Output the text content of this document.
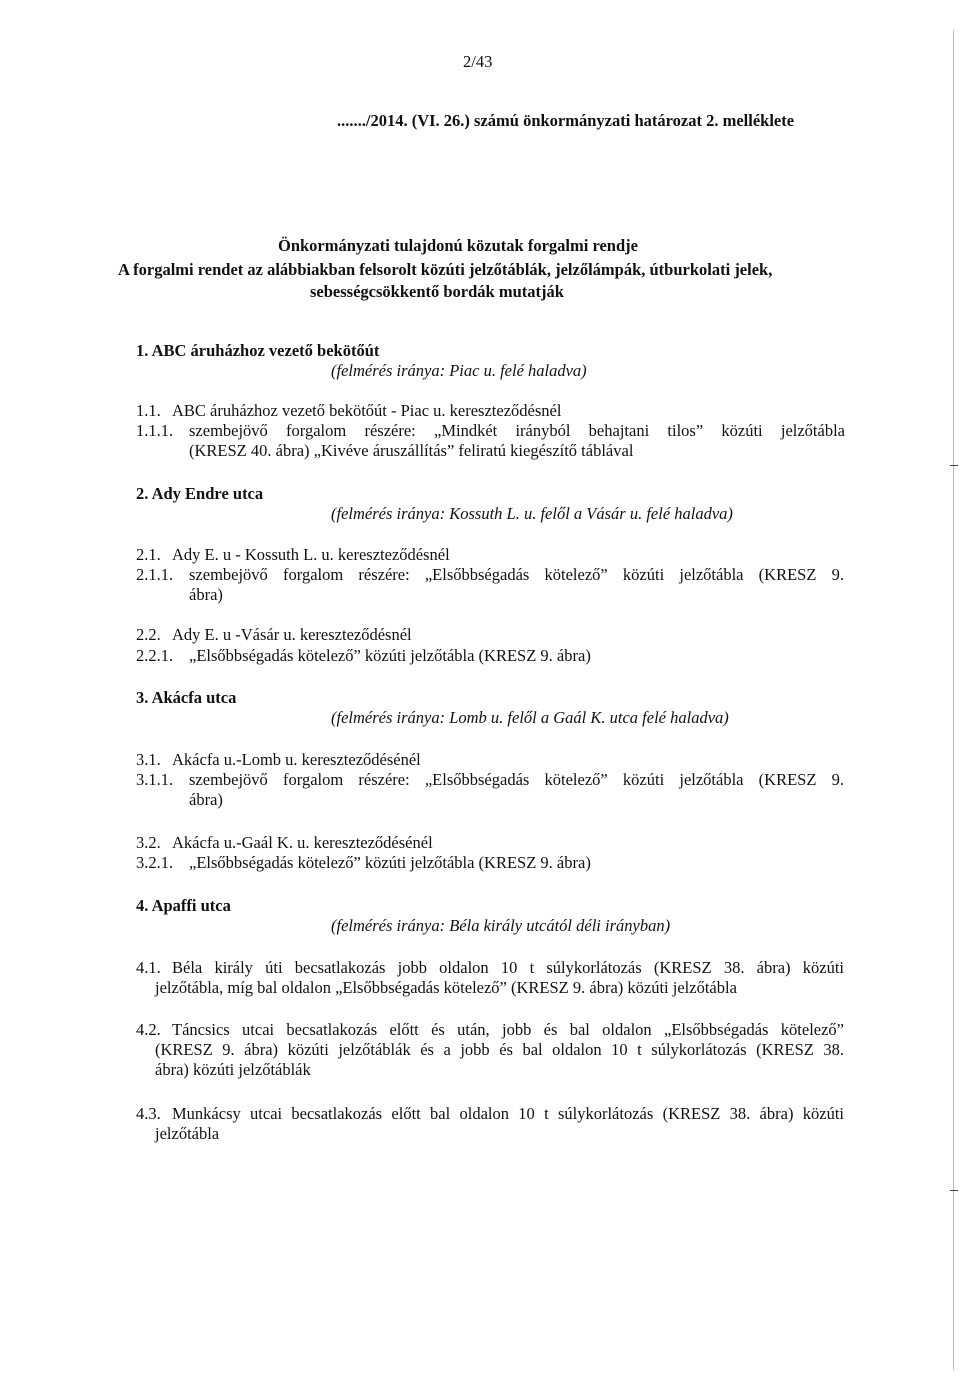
2/43
......./2014. (VI. 26.) számú önkormányzati határozat 2. melléklete
Önkormányzati tulajdonú közutak forgalmi rendje
A forgalmi rendet az alábbiakban felsorolt közúti jelzőtáblák, jelzőlámpák, útburkolati jelek,
sebességcsökkentő bordák mutatják
1. ABC áruházhoz vezető bekötőút
(felmérés iránya: Piac u. felé haladva)
1.1. ABC áruházhoz vezető bekötőút - Piac u. kereszteződésnél
1.1.1. szembejövő forgalom részére: „Mindkét irányból behajtani tilos” közúti jelzőtábla
(KRESZ 40. ábra) „Kivéve áruszállítás” feliratú kiegészítő táblával
2. Ady Endre utca
(felmérés iránya: Kossuth L. u. felől a Vásár u. felé haladva)
2.1. Ady E. u - Kossuth L. u. kereszteződésnél
2.1.1. szembejövő forgalom részére: „Elsőbbségadás kötelező” közúti jelzőtábla (KRESZ 9.
ábra)
2.2. Ady E. u -Vásár u. kereszteződésnél
2.2.1. „Elsőbbségadás kötelező” közúti jelzőtábla (KRESZ 9. ábra)
3. Akácfa utca
(felmérés iránya: Lomb u. felől a Gaál K. utca felé haladva)
3.1. Akácfa u.-Lomb u. kereszteződésénél
3.1.1. szembejövő forgalom részére: „Elsőbbségadás kötelező” közúti jelzőtábla (KRESZ 9.
ábra)
3.2. Akácfa u.-Gaál K. u. kereszteződésénél
3.2.1. „Elsőbbségadás kötelező” közúti jelzőtábla (KRESZ 9. ábra)
4. Apaffi utca
(felmérés iránya: Béla király utcától déli irányban)
4.1. Béla király úti becsatlakozás jobb oldalon 10 t súlykorlátozás (KRESZ 38. ábra) közúti
jelzőtábla, míg bal oldalon „Elsőbbségadás kötelező” (KRESZ 9. ábra) közúti jelzőtábla
4.2. Táncsics utcai becsatlakozás előtt és után, jobb és bal oldalon „Elsőbbségadás kötelező”
(KRESZ 9. ábra) közúti jelzőtáblák és a jobb és bal oldalon 10 t súlykorlátozás (KRESZ 38.
ábra) közúti jelzőtáblák
4.3. Munkácsy utcai becsatlakozás előtt bal oldalon 10 t súlykorlátozás (KRESZ 38. ábra) közúti
jelzőtábla
